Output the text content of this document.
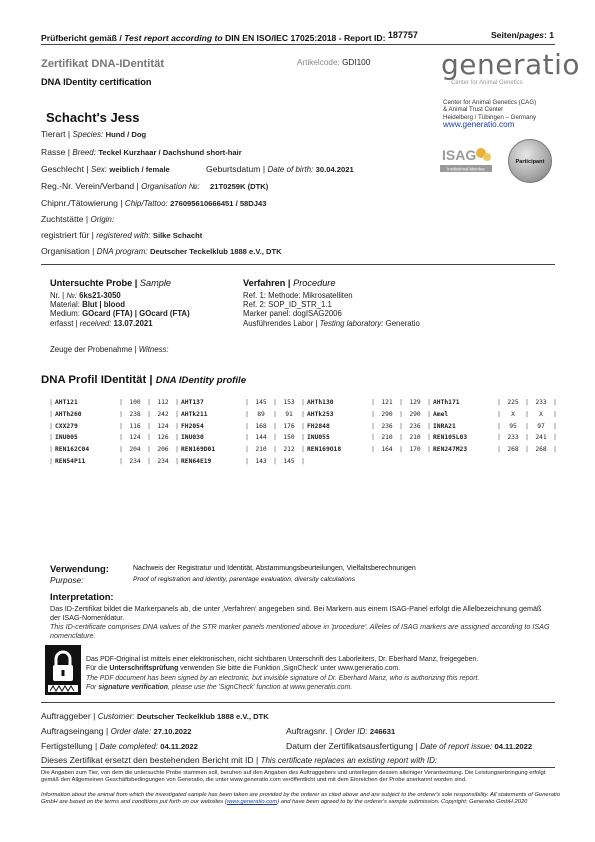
Prüfbericht gemäß / Test report according to DIN EN ISO/IEC 17025:2018 - Report ID: 187757	Seiten/pages: 1
Zertifikat DNA-IDentität	Artikelcode: GDI100
DNA IDentity certification
generatio
Center for Animal Genetics
Center for Animal Genetics (CAG)
& Animal Trust Center
Heidelberg / Tübingen – Germany
www.generatio.com
ISAG
Institutional Member
Participant
Schacht's Jess
Tierart | Species: Hund / Dog
Rasse | Breed: Teckel Kurzhaar / Dachshund short-hair
Geschlecht | Sex: weiblich / female	Geburtsdatum | Date of birth: 30.04.2021
Reg.-Nr. Verein/Verband | Organisation №: 21T0259K (DTK)
Chipnr./Tätowierung | Chip/Tattoo: 276095610666451 / 58DJ43
Zuchtstätte | Origin:
registriert für | registered with: Silke Schacht
Organisation | DNA program: Deutscher Teckelklub 1888 e.V., DTK
Untersuchte Probe | Sample
Nr. | №: 6ks21-3050
Material: Blut | blood
Medium: GOcard (FTA) | GOcard (FTA)
erfasst | received: 13.07.2021
Zeuge der Probenahme | Witness:
Verfahren | Procedure
Ref. 1: Methode: Mikrosatelliten
Ref. 2: SOP_ID_STR_1.1
Marker panel: dogISAG2006
Ausführendes Labor | Testing laboratory: Generatio
DNA Profil IDentität | DNA IDentity profile
|	AHT121	|	100	|	112	|	AHT137	|	145	|	153	|	AHTh130	|	121	|	129	|	AHTh171	|	225	|	233	|
|	AHTh260	|	238	|	242	|	AHTk211	|	89	|	91	|	AHTk253	|	290	|	290	|	Amel	|	X	|	X	|
|	CXX279	|	116	|	124	|	FH2054	|	168	|	176	|	FH2848	|	236	|	236	|	INRA21	|	95	|	97	|
|	INU005	|	124	|	126	|	INU030	|	144	|	150	|	INU055	|	210	|	210	|	REN105L03	|	233	|	241	|
|	REN162C04	|	204	|	206	|	REN169D01	|	210	|	212	|	REN169O18	|	164	|	170	|	REN247M23	|	268	|	268	|
|	REN54P11	|	234	|	234	|	REN64E19	|	143	|	145	|												
Verwendung:
Purpose:
Nachweis der Registratur und Identität, Abstammungsbeurteilungen, Vielfaltsberechnungen
Proof of registration and identity, parentage evaluation, diversity calculations
Interpretation:
Das ID-Zertifikat bildet die Markerpanels ab, die unter ‚Verfahren‘ angegeben sind. Bei Markern aus einem ISAG-Panel erfolgt die Allelbezeichnung gemäß der ISAG-Nomenklatur.
This ID-certificate comprises DNA values of the STR marker panels mentioned above in 'procedure'. Alleles of ISAG markers are assigned according to ISAG nomenclature.
Das PDF-Original ist mittels einer elektronischen, nicht sichtbaren Unterschrift des Laborleiters, Dr. Eberhard Manz, freigegeben.
Für die Unterschriftsprüfung verwenden Sie bitte die Funktion ‚SignCheck‘ unter www.generatio.com.
The PDF document has been signed by an electronic, but invisible signature of Dr. Eberhard Manz, who is authorizing this report.
For signature verification, please use the 'SignCheck' function at www.generatio.com.
Auftraggeber | Customer: Deutscher Teckelklub 1888 e.V., DTK
Auftragseingang | Order date: 27.10.2022	Auftragsnr. | Order ID: 246631
Fertigstellung | Date completed: 04.11.2022	Datum der Zertifikatsausfertigung | Date of report issue: 04.11.2022
Dieses Zertifikat ersetzt den bestehenden Bericht mit ID | This certificate replaces an existing report with ID:
Die Angaben zum Tier, von dem die untersuchte Probe stammen soll, beruhen auf den Angaben des Auftraggebers und unterliegen dessen alleiniger Verantwortung. Die Leistungserbringung erfolgt gemäß den Allgemeinen Geschäftsbedingungen von Generatio, die unter www.generatio.com veröffentlicht und mit dem Einreichen der Probe anerkannt worden sind.
Information about the animal from which the investigated sample has been taken are provided by the orderer as cited above and are subject to the orderer's sole responsibility. All statements of Generatio GmbH are based on the terms and conditions put forth on our websites (www.generatio.com) and have been agreed to by the orderer's sample submission. Copyright: Generatio GmbH 2020
